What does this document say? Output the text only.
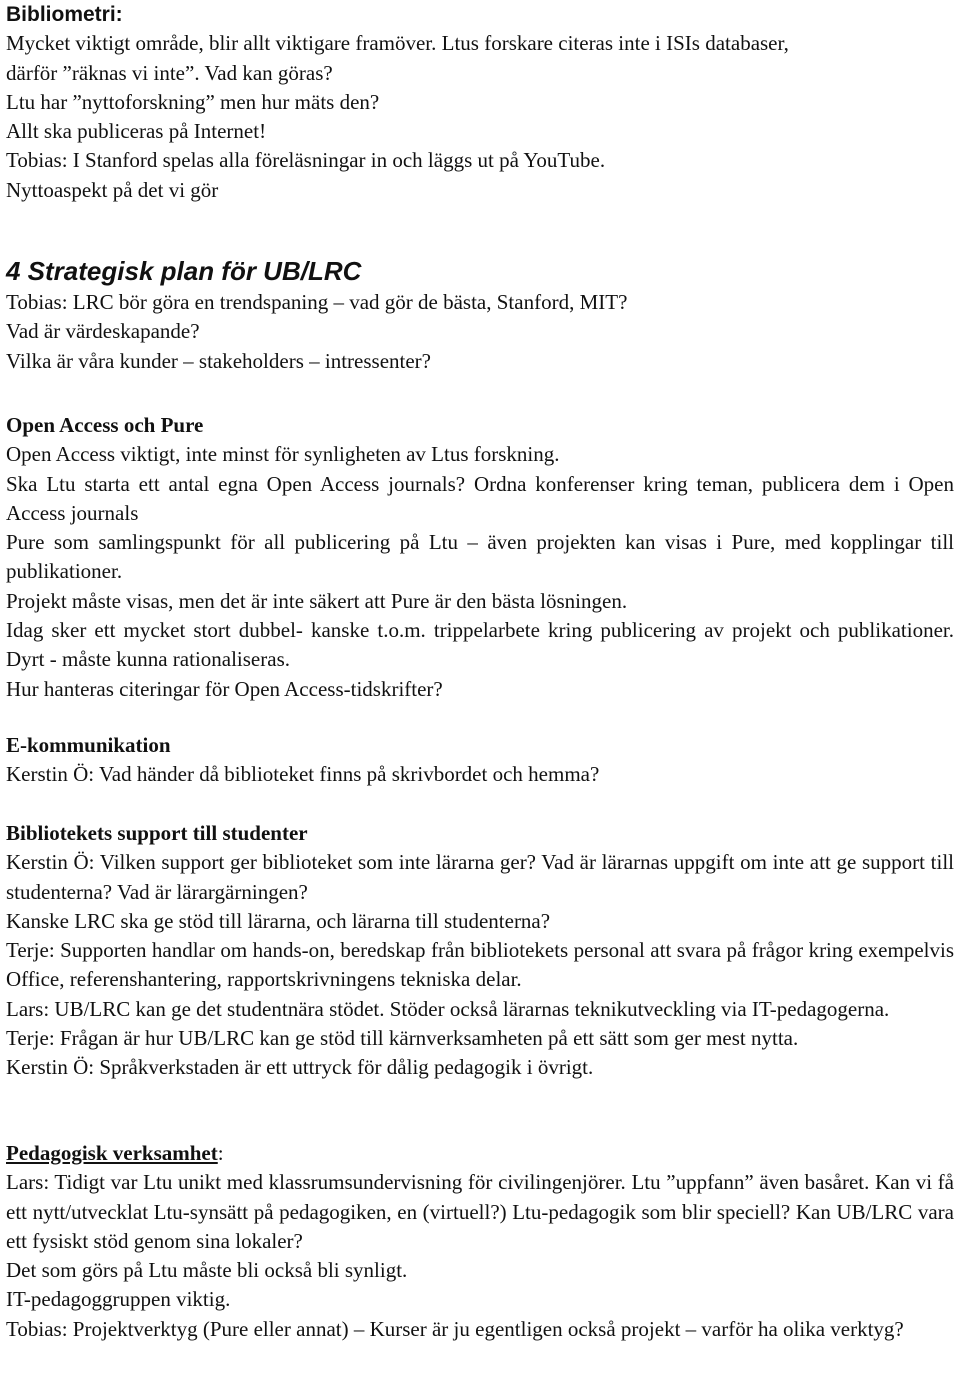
Bibliometri:
Mycket viktigt område, blir allt viktigare framöver. Ltus forskare citeras inte i ISIs databaser,
därför ”räknas vi inte”. Vad kan göras?
Ltu har ”nyttoforskning” men hur mäts den?
Allt ska publiceras på Internet!
Tobias: I Stanford spelas alla föreläsningar in och läggs ut på YouTube.
Nyttoaspekt på det vi gör
4 Strategisk plan för UB/LRC
Tobias: LRC bör göra en trendspaning – vad gör de bästa, Stanford, MIT?
Vad är värdeskapande?
Vilka är våra kunder – stakeholders – intressenter?
Open Access och Pure

Open Access viktigt, inte minst för synligheten av Ltus forskning.

Ska Ltu starta ett antal egna Open Access journals? Ordna konferenser kring teman, publicera dem i Open Access journals

Pure som samlingspunkt för all publicering på Ltu – även projekten kan visas i Pure, med kopplingar till publikationer.

Projekt måste visas, men det är inte säkert att Pure är den bästa lösningen.

Idag sker ett mycket stort dubbel- kanske t.o.m. trippelarbete kring publicering av projekt och publikationer. Dyrt - måste kunna rationaliseras.

Hur hanteras citeringar för Open Access-tidskrifter?

E-kommunikation

Kerstin Ö: Vad händer då biblioteket finns på skrivbordet och hemma?

Bibliotekets support till studenter

Kerstin Ö: Vilken support ger biblioteket som inte lärarna ger? Vad är lärarnas uppgift om inte att ge support till studenterna? Vad är lärargärningen?

Kanske LRC ska ge stöd till lärarna, och lärarna till studenterna?

Terje: Supporten handlar om hands-on, beredskap från bibliotekets personal att svara på frågor kring exempelvis Office, referenshantering, rapportskrivningens tekniska delar.

Lars: UB/LRC kan ge det studentnära stödet. Stöder också lärarnas teknikutveckling via IT-pedagogerna.

Terje: Frågan är hur UB/LRC kan ge stöd till kärnverksamheten på ett sätt som ger mest nytta.

Kerstin Ö: Språkverkstaden är ett uttryck för dålig pedagogik i övrigt.

Pedagogisk verksamhet:

Lars: Tidigt var Ltu unikt med klassrumsundervisning för civilingenjörer. Ltu ”uppfann” även basåret. Kan vi få ett nytt/utvecklat Ltu-synsätt på pedagogiken, en (virtuell?) Ltu-pedagogik som blir speciell? Kan UB/LRC vara ett fysiskt stöd genom sina lokaler?

Det som görs på Ltu måste bli också bli synligt.

IT-pedagoggruppen viktig.

Tobias: Projektverktyg (Pure eller annat) – Kurser är ju egentligen också projekt – varför ha olika verktyg?
